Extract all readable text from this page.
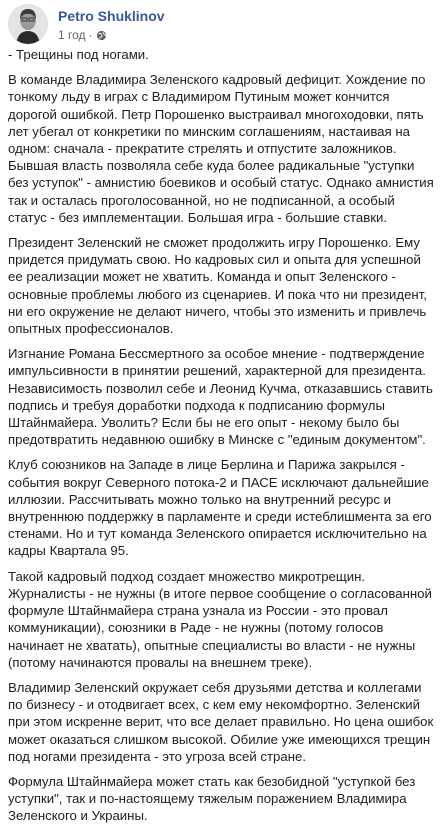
Petro Shuklinov
1 год ·

- Трещины под ногами.

В команде Владимира Зеленского кадровый дефицит. Хождение по тонкому льду в играх с Владимиром Путиным может кончится дорогой ошибкой. Петр Порошенко выстраивал многоходовки, пять лет убегал от конкретики по минским соглашениям, настаивая на одном: сначала - прекратите стрелять и отпустите заложников. Бывшая власть позволяла себе куда более радикальные "уступки без уступок" - амнистию боевиков и особый статус. Однако амнистия так и осталась проголосованной, но не подписанной, а особый статус - без имплементации. Большая игра - большие ставки.

Президент Зеленский не сможет продолжить игру Порошенко. Ему придется придумать свою. Но кадровых сил и опыта для успешной ее реализации может не хватить. Команда и опыт Зеленского - основные проблемы любого из сценариев. И пока что ни президент, ни его окружение не делают ничего, чтобы это изменить и привлечь опытных профессионалов.

Изгнание Романа Бессмертного за особое мнение - подтверждение импульсивности в принятии решений, характерной для президента. Независимость позволил себе и Леонид Кучма, отказавшись ставить подпись и требуя доработки подхода к подписанию формулы Штайнмайера. Уволить? Если бы не его опыт - некому было бы предотвратить недавнюю ошибку в Минске с "единым документом".

Клуб союзников на Западе в лице Берлина и Парижа закрылся - события вокруг Северного потока-2 и ПАСЕ исключают дальнейшие иллюзии. Рассчитывать можно только на внутренний ресурс и внутреннюю поддержку в парламенте и среди истеблишмента за его стенами. Но и тут команда Зеленского опирается исключительно на кадры Квартала 95.

Такой кадровый подход создает множество микротрещин. Журналисты - не нужны (в итоге первое сообщение о согласованной формуле Штайнмайера страна узнала из России - это провал коммуникации), союзники в Раде - не нужны (потому голосов начинает не хватать), опытные специалисты во власти - не нужны (потому начинаются провалы на внешнем треке).

Владимир Зеленский окружает себя друзьями детства и коллегами по бизнесу - и отодвигает всех, с кем ему некомфортно. Зеленский при этом искренне верит, что все делает правильно. Но цена ошибок может оказаться слишком высокой. Обилие уже имеющихся трещин под ногами президента - это угроза всей стране.

Формула Штайнмайера может стать как безобидной "уступкой без уступки", так и по-настоящему тяжелым поражением Владимира Зеленского и Украины.
